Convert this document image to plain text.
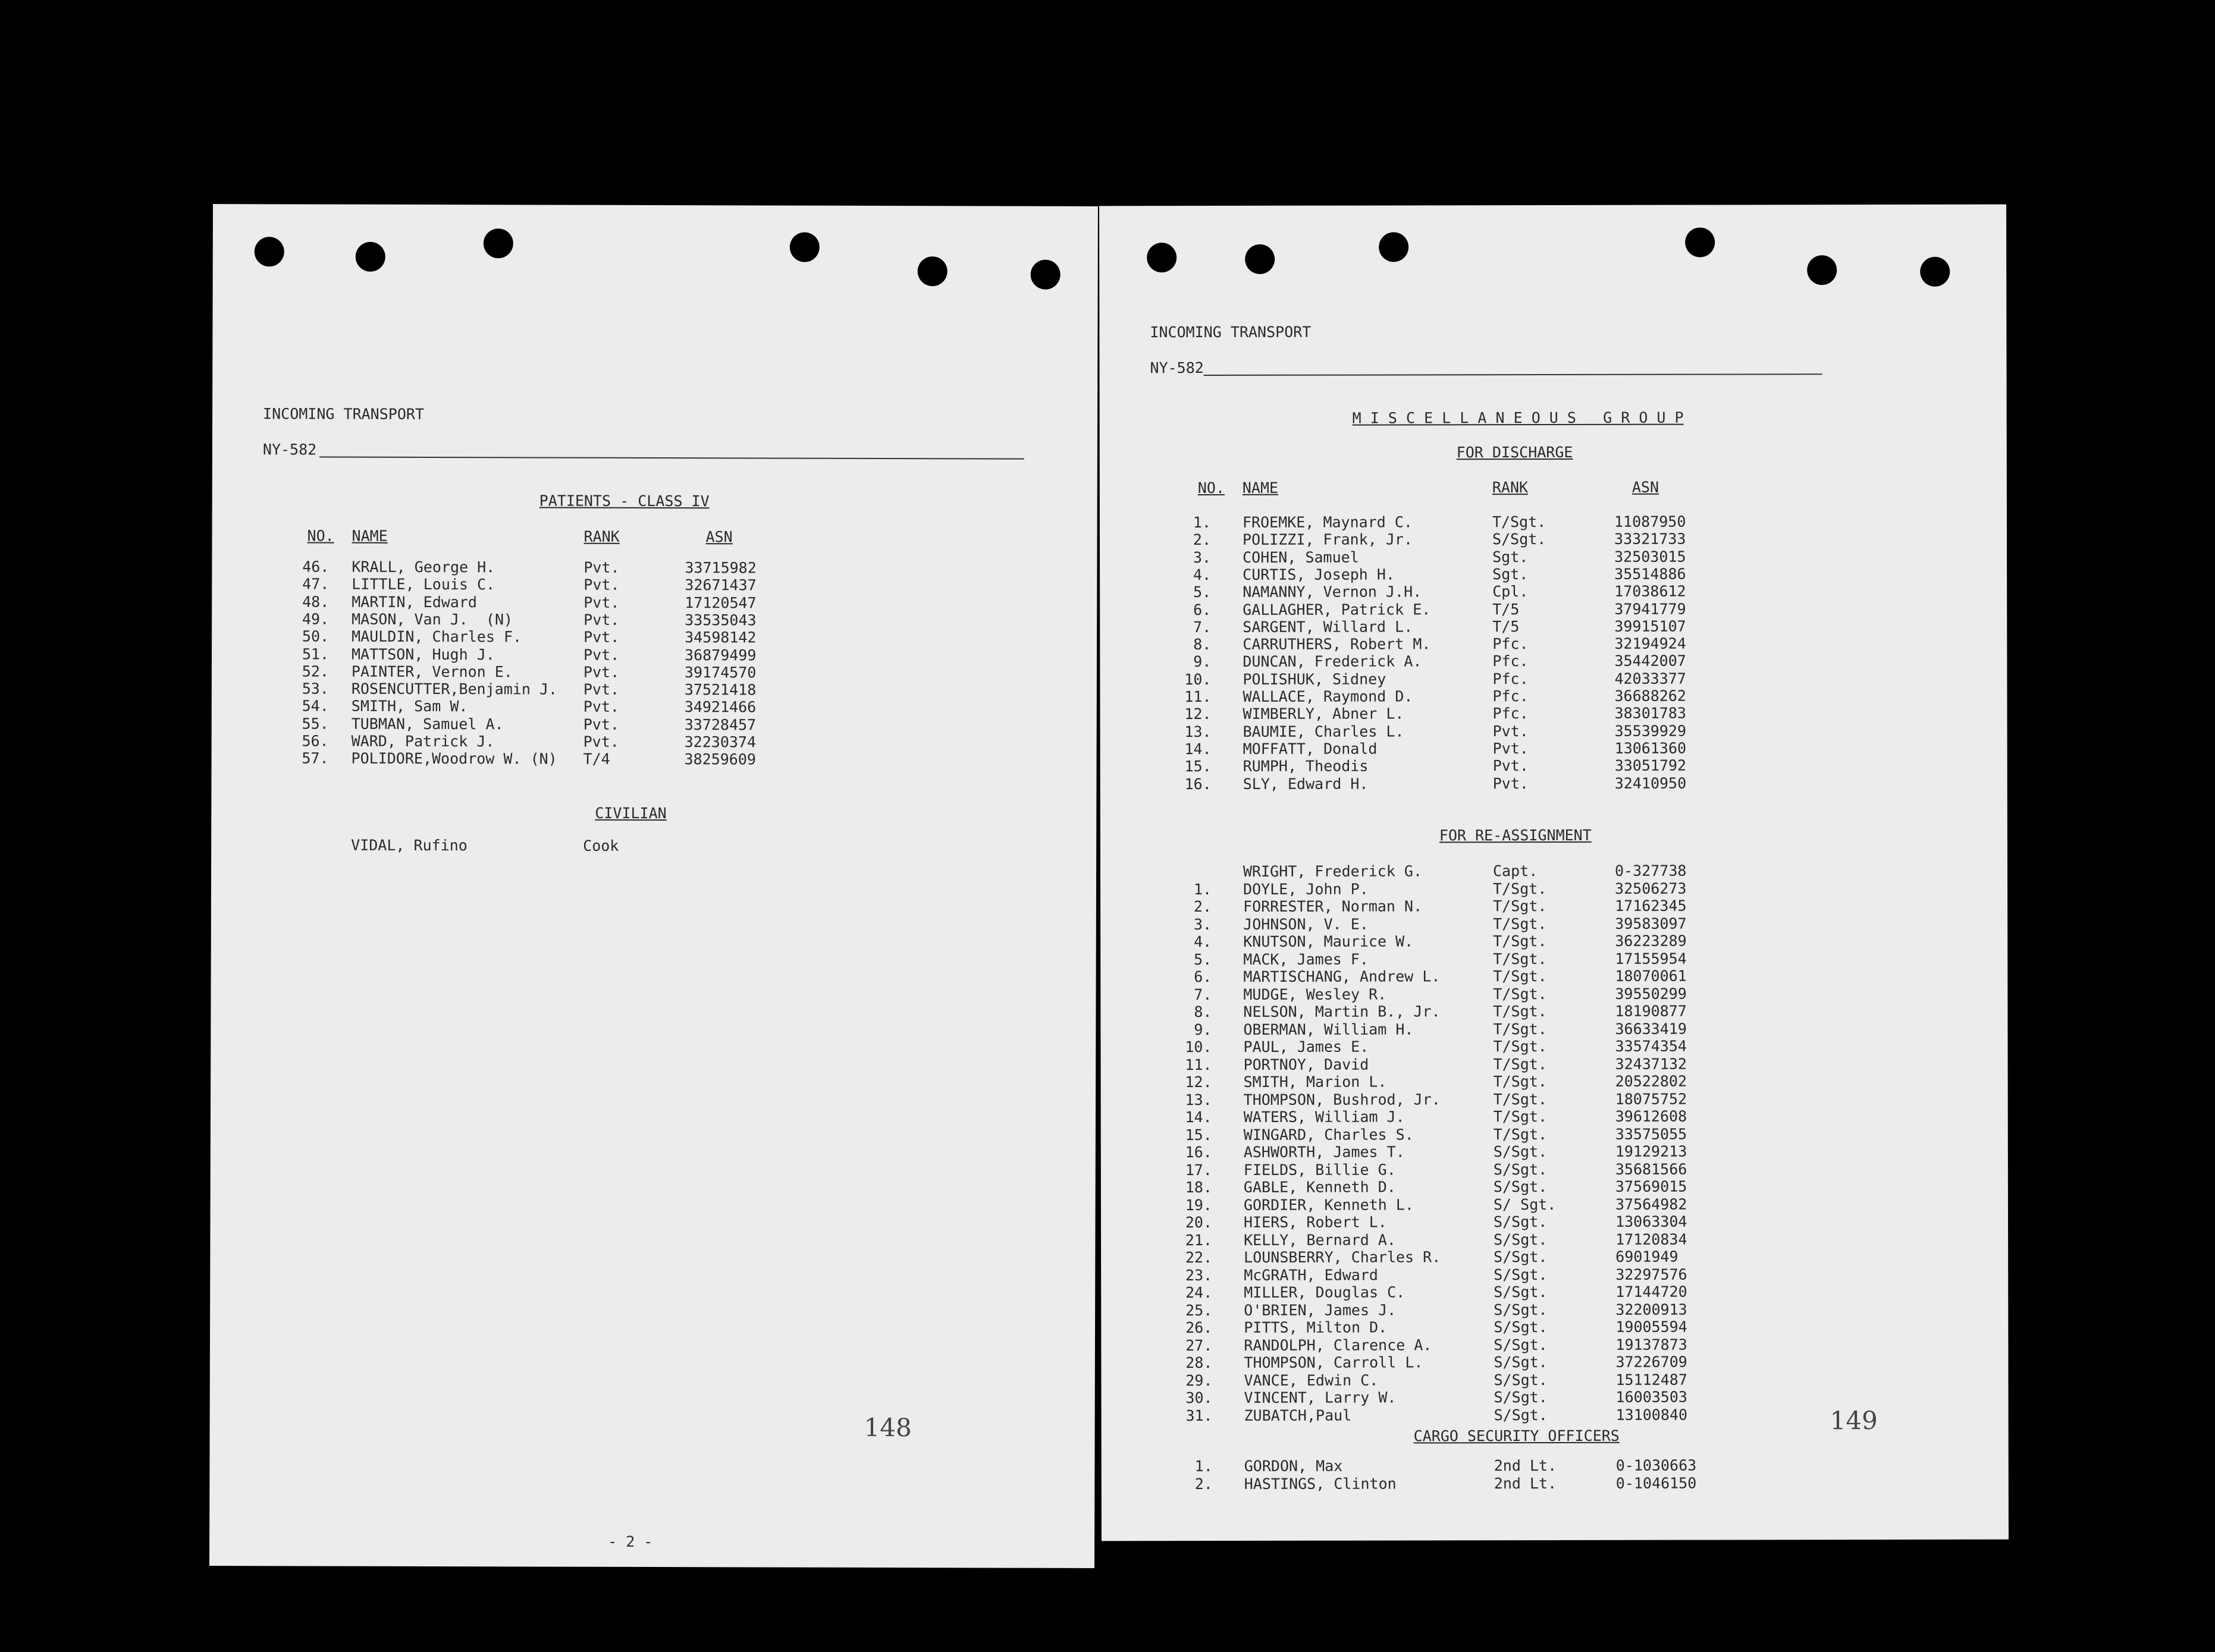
INCOMING TRANSPORT
NY-582
PATIENTS - CLASS IV
NO. NAME	RANK	ASN
46. KRALL, George H.	Pvt.	33715982
47. LITTLE, Louis C.	Pvt.	32671437
48. MARTIN, Edward	Pvt.	17120547
49. MASON, Van J.  (N)	Pvt.	33535043
50. MAULDIN, Charles F.	Pvt.	34598142
51. MATTSON, Hugh J.	Pvt.	36879499
52. PAINTER, Vernon E.	Pvt.	39174570
53. ROSENCUTTER,Benjamin J. Pvt.	37521418
54. SMITH, Sam W.	Pvt.	34921466
55. TUBMAN, Samuel A.	Pvt.	33728457
56. WARD, Patrick J.	Pvt.	32230374
57. POLIDORE,Woodrow W. (N) T/4	38259609
CIVILIAN
VIDAL, Rufino	Cook
148
- 2 -
INCOMING TRANSPORT
NY-582
M I S C E L L A N E O U S   G R O U P
FOR DISCHARGE
NO. NAME	RANK	ASN
1. FROEMKE, Maynard C.	T/Sgt.	11087950
2. POLIZZI, Frank, Jr.	S/Sgt.	33321733
3. COHEN, Samuel	Sgt.	32503015
4. CURTIS, Joseph H.	Sgt.	35514886
5. NAMANNY, Vernon J.H.	Cpl.	17038612
6. GALLAGHER, Patrick E.	T/5	37941779
7. SARGENT, Willard L.	T/5	39915107
8. CARRUTHERS, Robert M.	Pfc.	32194924
9. DUNCAN, Frederick A.	Pfc.	35442007
10. POLISHUK, Sidney	Pfc.	42033377
11. WALLACE, Raymond D.	Pfc.	36688262
12. WIMBERLY, Abner L.	Pfc.	38301783
13. BAUMIE, Charles L.	Pvt.	35539929
14. MOFFATT, Donald	Pvt.	13061360
15. RUMPH, Theodis	Pvt.	33051792
16. SLY, Edward H.	Pvt.	32410950
FOR RE-ASSIGNMENT
WRIGHT, Frederick G.	Capt.	0-327738
1. DOYLE, John P.	T/Sgt.	32506273
2. FORRESTER, Norman N.	T/Sgt.	17162345
3. JOHNSON, V. E.	T/Sgt.	39583097
4. KNUTSON, Maurice W.	T/Sgt.	36223289
5. MACK, James F.	T/Sgt.	17155954
6. MARTISCHANG, Andrew L.	T/Sgt.	18070061
7. MUDGE, Wesley R.	T/Sgt.	39550299
8. NELSON, Martin B., Jr.	T/Sgt.	18190877
9. OBERMAN, William H.	T/Sgt.	36633419
10. PAUL, James E.	T/Sgt.	33574354
11. PORTNOY, David	T/Sgt.	32437132
12. SMITH, Marion L.	T/Sgt.	20522802
13. THOMPSON, Bushrod, Jr.	T/Sgt.	18075752
14. WATERS, William J.	T/Sgt.	39612608
15. WINGARD, Charles S.	T/Sgt.	33575055
16. ASHWORTH, James T.	S/Sgt.	19129213
17. FIELDS, Billie G.	S/Sgt.	35681566
18. GABLE, Kenneth D.	S/Sgt.	37569015
19. GORDIER, Kenneth L.	S/ Sgt.	37564982
20. HIERS, Robert L.	S/Sgt.	13063304
21. KELLY, Bernard A.	S/Sgt.	17120834
22. LOUNSBERRY, Charles R.	S/Sgt.	6901949
23. McGRATH, Edward	S/Sgt.	32297576
24. MILLER, Douglas C.	S/Sgt.	17144720
25. O'BRIEN, James J.	S/Sgt.	32200913
26. PITTS, Milton D.	S/Sgt.	19005594
27. RANDOLPH, Clarence A.	S/Sgt.	19137873
28. THOMPSON, Carroll L.	S/Sgt.	37226709
29. VANCE, Edwin C.	S/Sgt.	15112487
30. VINCENT, Larry W.	S/Sgt.	16003503
31. ZUBATCH,Paul	S/Sgt.	13100840
CARGO SECURITY OFFICERS
1. GORDON, Max	2nd Lt.	0-1030663
2. HASTINGS, Clinton	2nd Lt.	0-1046150
149
